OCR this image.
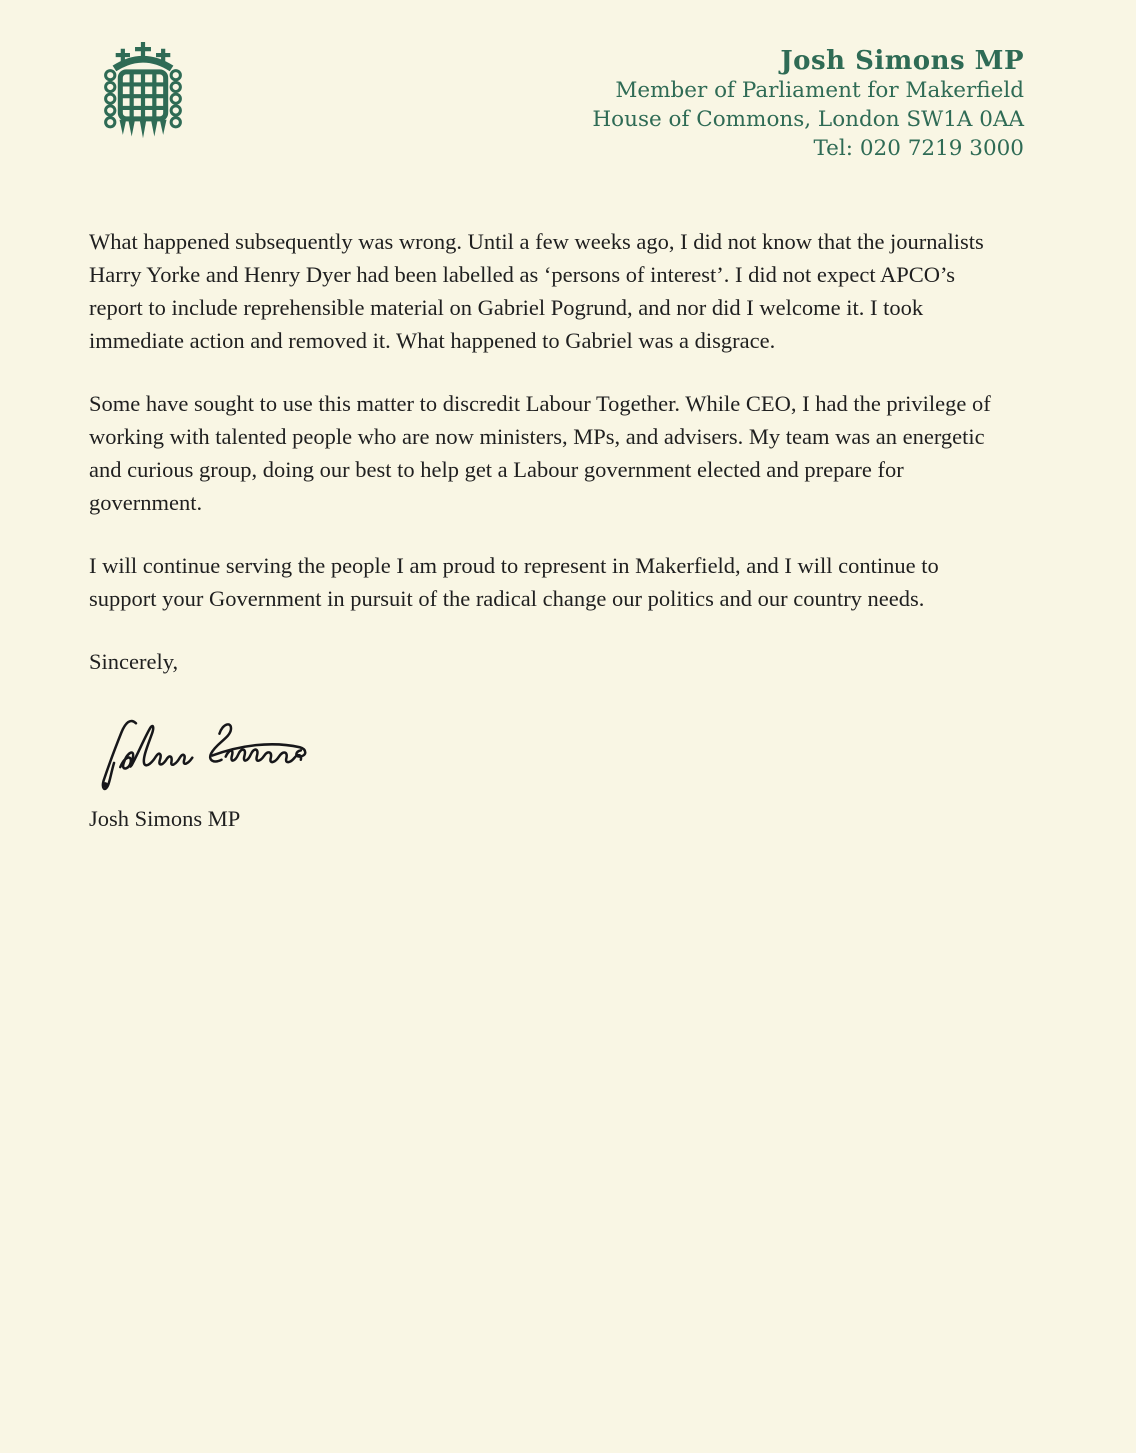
Josh Simons MP
Member of Parliament for Makerfield
House of Commons, London SW1A 0AA
Tel: 020 7219 3000

What happened subsequently was wrong. Until a few weeks ago, I did not know that the journalists Harry Yorke and Henry Dyer had been labelled as ‘persons of interest’. I did not expect APCO’s report to include reprehensible material on Gabriel Pogrund, and nor did I welcome it. I took immediate action and removed it. What happened to Gabriel was a disgrace.

Some have sought to use this matter to discredit Labour Together. While CEO, I had the privilege of working with talented people who are now ministers, MPs, and advisers. My team was an energetic and curious group, doing our best to help get a Labour government elected and prepare for government.

I will continue serving the people I am proud to represent in Makerfield, and I will continue to support your Government in pursuit of the radical change our politics and our country needs.

Sincerely,

Josh Simons MP
